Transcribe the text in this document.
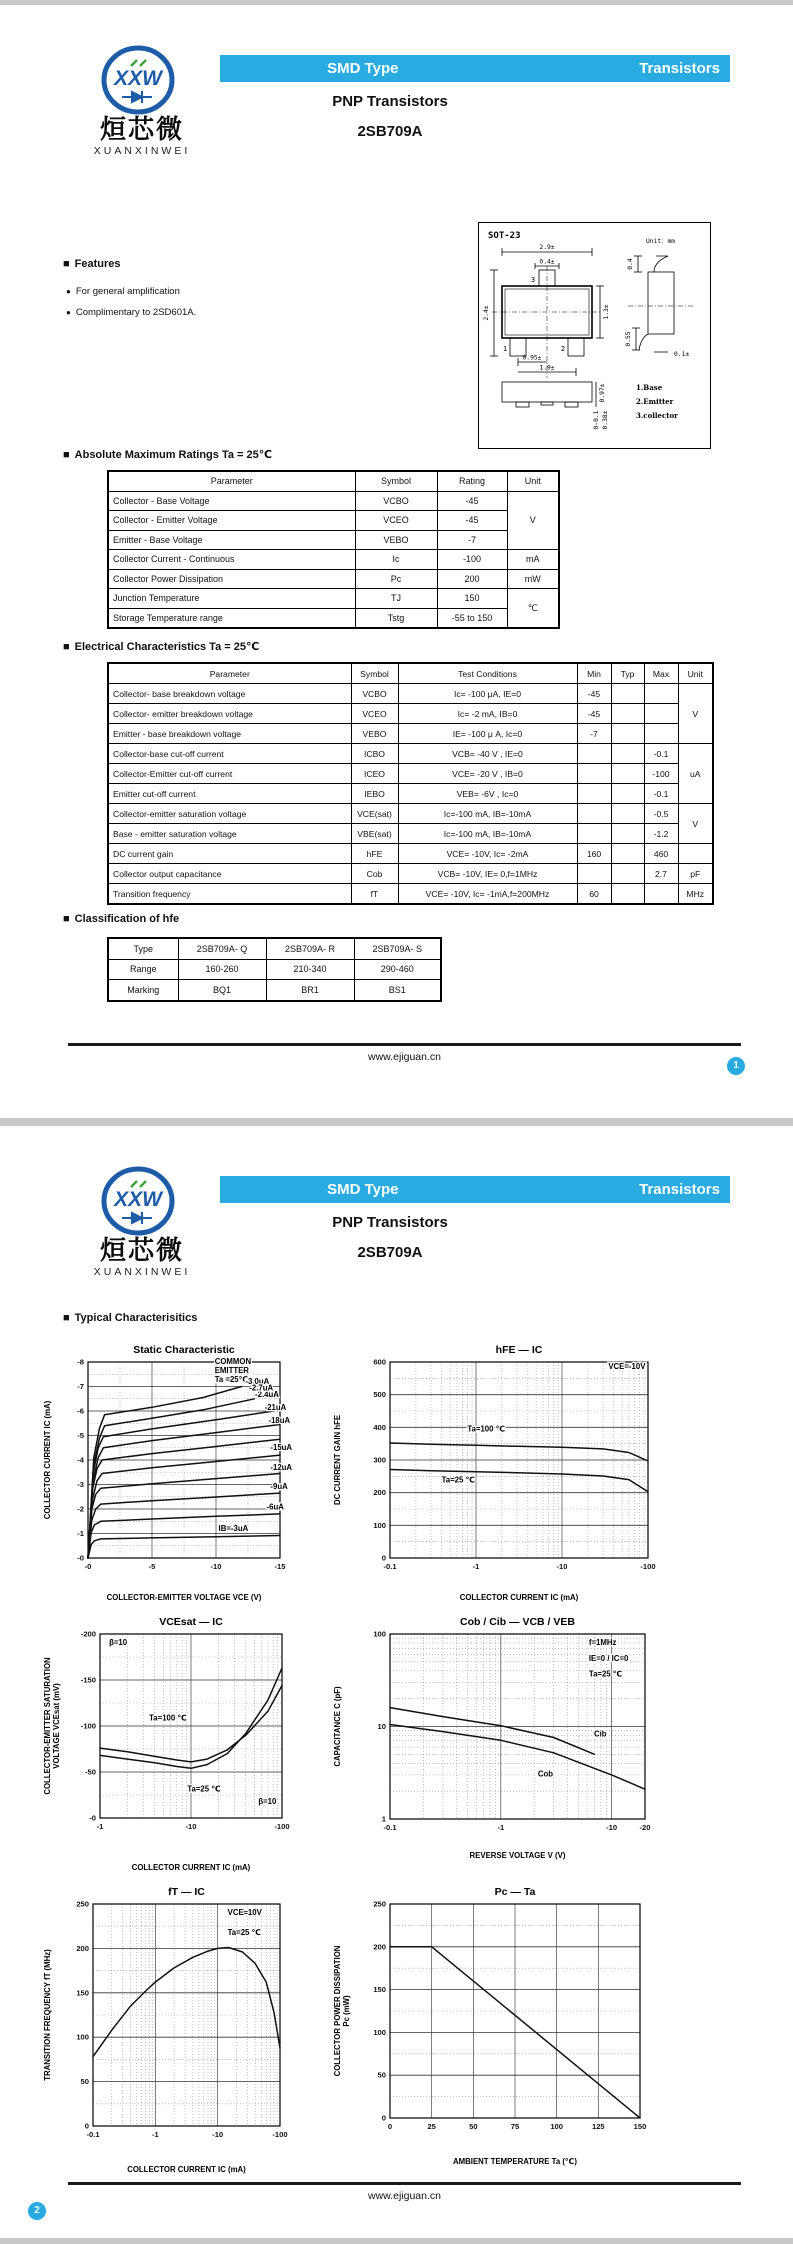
XXW
烜芯微
XUANXINWEI
SMD Type	Transistors
PNP Transistors
2SB709A
SOT-23
Unit：mm
2.9±
0.4±
3
1	2
2.4±	1.3±
0.95±
1.9±
0.4
0.55
0.1±
0.97±
0-0.1 0.38±
1.Base
2.Emitter
3.collector
■ Features
● For general amplification
● Complimentary to 2SD601A.
■ Absolute Maximum Ratings Ta = 25℃
Parameter	Symbol	Rating	Unit
Collector - Base Voltage	VCBO	-45	V
Collector - Emitter Voltage	VCEO	-45	
Emitter - Base Voltage	VEBO	-7	
Collector Current - Continuous	Ic	-100	mA
Collector Power Dissipation	Pc	200	mW
Junction Temperature	TJ	150	℃
Storage Temperature range	Tstg	-55 to 150	
■ Electrical Characteristics Ta = 25℃
Parameter	Symbol	Test Conditions	Min	Typ	Max	Unit
Collector- base breakdown voltage	VCBO	Ic= -100 μA, IE=0	-45			V
Collector- emitter breakdown voltage	VCEO	Ic= -2 mA, IB=0	-45			
Emitter - base breakdown voltage	VEBO	IE= -100 μ A, Ic=0	-7			
Collector-base cut-off current	ICBO	VCB= -40 V , IE=0			-0.1	uA
Collector-Emitter cut-off current	ICEO	VCE= -20 V , IB=0			-100	
Emitter cut-off current	IEBO	VEB= -6V , Ic=0			-0.1	
Collector-emitter saturation voltage	VCE(sat)	Ic=-100 mA, IB=-10mA			-0.5	V
Base - emitter saturation voltage	VBE(sat)	Ic=-100 mA, IB=-10mA			-1.2	
DC current gain	hFE	VCE= -10V, Ic= -2mA	160		460	
Collector output capacitance	Cob	VCB= -10V, IE= 0,f=1MHz			2.7	pF
Transition frequency	fT	VCE= -10V, Ic= -1mA,f=200MHz	60			MHz
■ Classification of hfe
Type	2SB709A- Q	2SB709A- R	2SB709A- S
Range	160-260	210-340	290-460
Marking	BQ1	BR1	BS1
www.ejiguan.cn
1
XXW
烜芯微
XUANXINWEI
SMD Type	Transistors
PNP Transistors
2SB709A
■ Typical Characterisitics
-0	-5	-10	-15
-0
-1
-2
-3
-4
-5
-6
-7
-8
Static Characteristic
COLLECTOR-EMITTER VOLTAGE VCE (V)
COLLECTOR CURRENT IC (mA)
COMMON
EMITTER
Ta =25℃
-3.0uA
-2.4uA
-2.7uA
-21uA
-18uA
-15uA
-12uA
-9uA
-6uA
IB=-3uA
-0.1	-1	-10	-100
0
100
200
300
400
500
600
hFE ― IC
COLLECTOR CURRENT IC (mA)
DC CURRENT GAIN hFE	Ta=100 ℃
Ta=25 ℃
VCE=-10V
-1	-10	-100
-0
-50
-100
-150
-200
VCEsat ― IC
COLLECTOR CURRENT IC (mA)
COLLECTOR-EMITTER SATURATION VOLTAGE VCEsat (mV)
β=10
Ta=100 ℃
Ta=25 ℃
β=10
-0.1	-1	-10	-20
1
10
100
Cob / Cib ― VCB / VEB
REVERSE VOLTAGE V (V)
CAPACITANCE C (pF)
f=1MHz
IE=0 / IC=0
Ta=25 ℃
Cib
Cob
-0.1	-1	-10	-100
0
50
100
150
200
250
fT ― IC
COLLECTOR CURRENT IC (mA)
TRANSITION FREQUENCY fT (MHz)
VCE≈10V
Ta=25 ℃
0	25	50	75	100	125	150
0
50
100
150
200
250
Pc ― Ta
AMBIENT TEMPERATURE Ta (℃)
COLLECTOR POWER DISSIPATION Pc (mW)
www.ejiguan.cn
2
